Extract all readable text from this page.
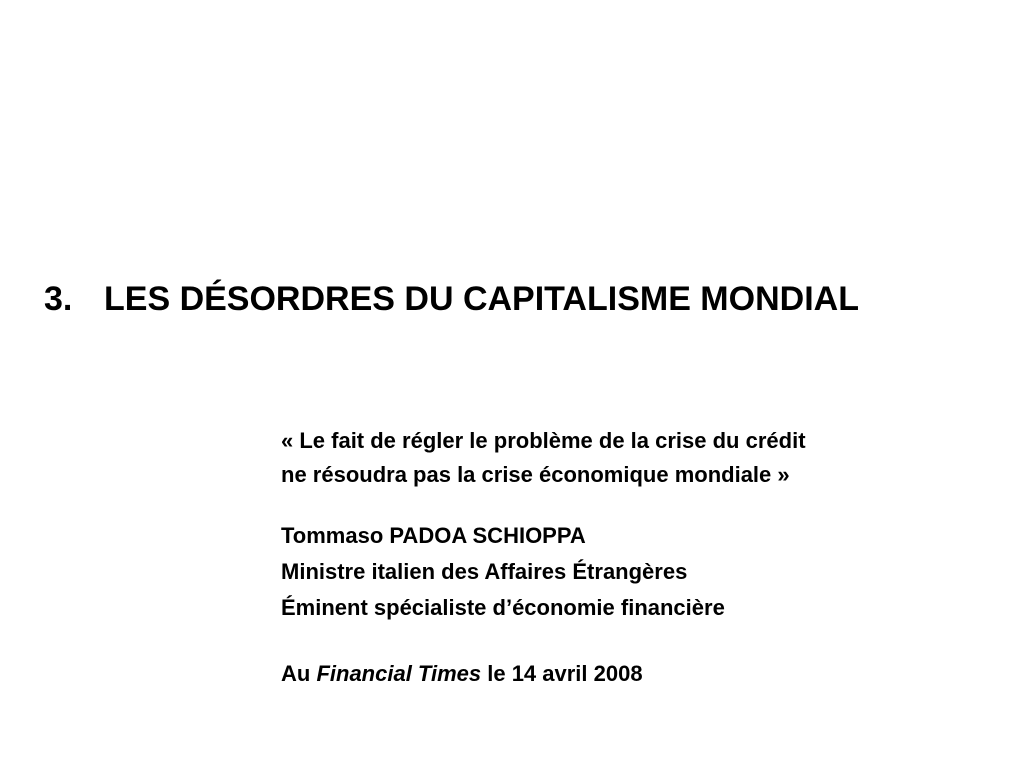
3. LES DÉSORDRES DU CAPITALISME MONDIAL
« Le fait de régler le problème de la crise du crédit
ne résoudra pas la crise économique mondiale »
Tommaso PADOA SCHIOPPA
Ministre italien des Affaires Étrangères
Éminent spécialiste d’économie financière
Au Financial Times le 14 avril 2008
